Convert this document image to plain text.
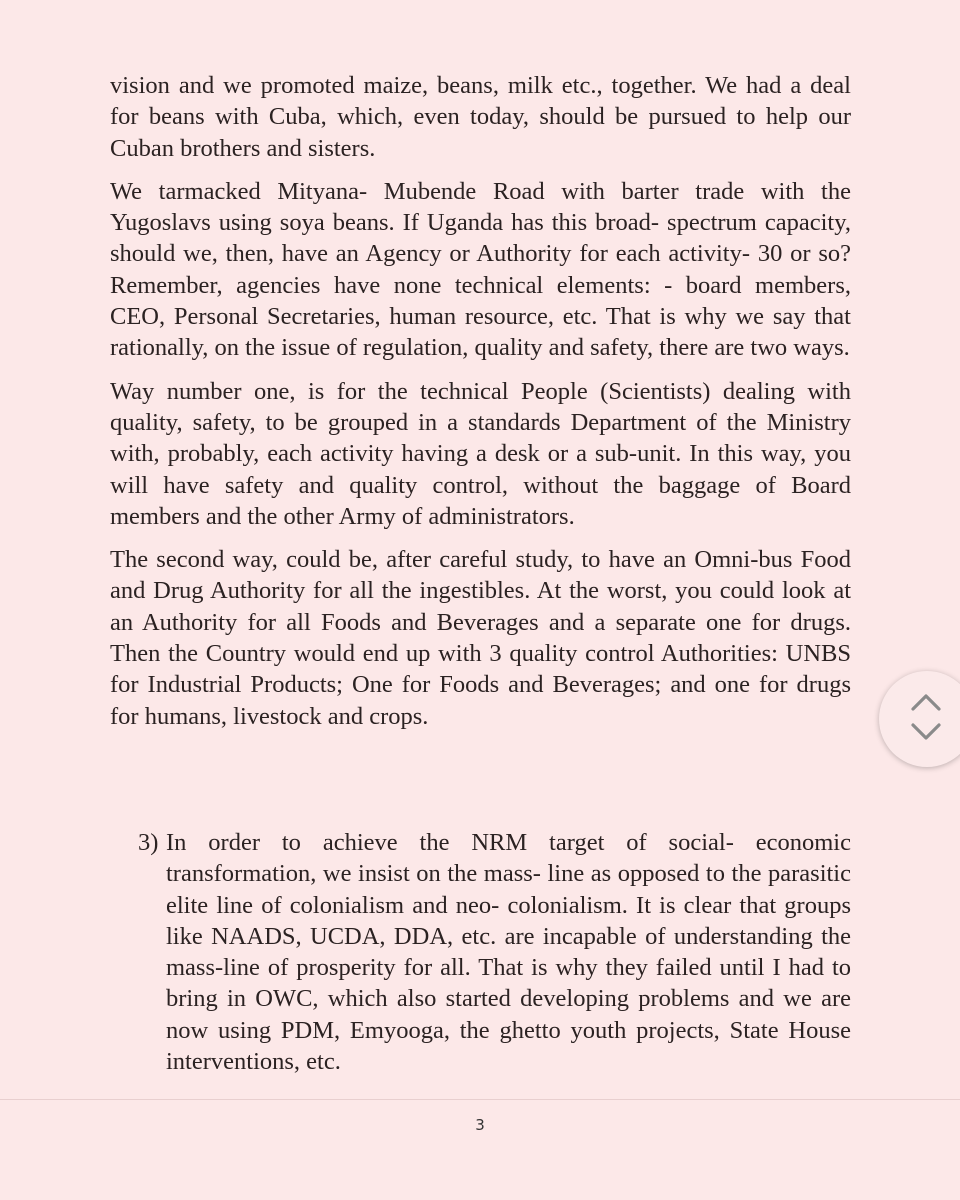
vision and we promoted maize, beans, milk etc., together. We had a deal for beans with Cuba, which, even today, should be pursued to help our Cuban brothers and sisters.

We tarmacked Mityana- Mubende Road with barter trade with the Yugoslavs using soya beans. If Uganda has this broad- spectrum capacity, should we, then, have an Agency or Authority for each activity- 30 or so? Remember, agencies have none technical elements: - board members, CEO, Personal Secretaries, human resource, etc. That is why we say that rationally, on the issue of regulation, quality and safety, there are two ways.

Way number one, is for the technical People (Scientists) dealing with quality, safety, to be grouped in a standards Department of the Ministry with, probably, each activity having a desk or a sub-unit. In this way, you will have safety and quality control, without the baggage of Board members and the other Army of administrators.

The second way, could be, after careful study, to have an Omni-bus Food and Drug Authority for all the ingestibles. At the worst, you could look at an Authority for all Foods and Beverages and a separate one for drugs. Then the Country would end up with 3 quality control Authorities: UNBS for Industrial Products; One for Foods and Beverages; and one for drugs for humans, livestock and crops.

3) In order to achieve the NRM target of social- economic transformation, we insist on the mass- line as opposed to the parasitic elite line of colonialism and neo- colonialism. It is clear that groups like NAADS, UCDA, DDA, etc. are incapable of understanding the mass-line of prosperity for all. That is why they failed until I had to bring in OWC, which also started developing problems and we are now using PDM, Emyooga, the ghetto youth projects, State House interventions, etc.
3
